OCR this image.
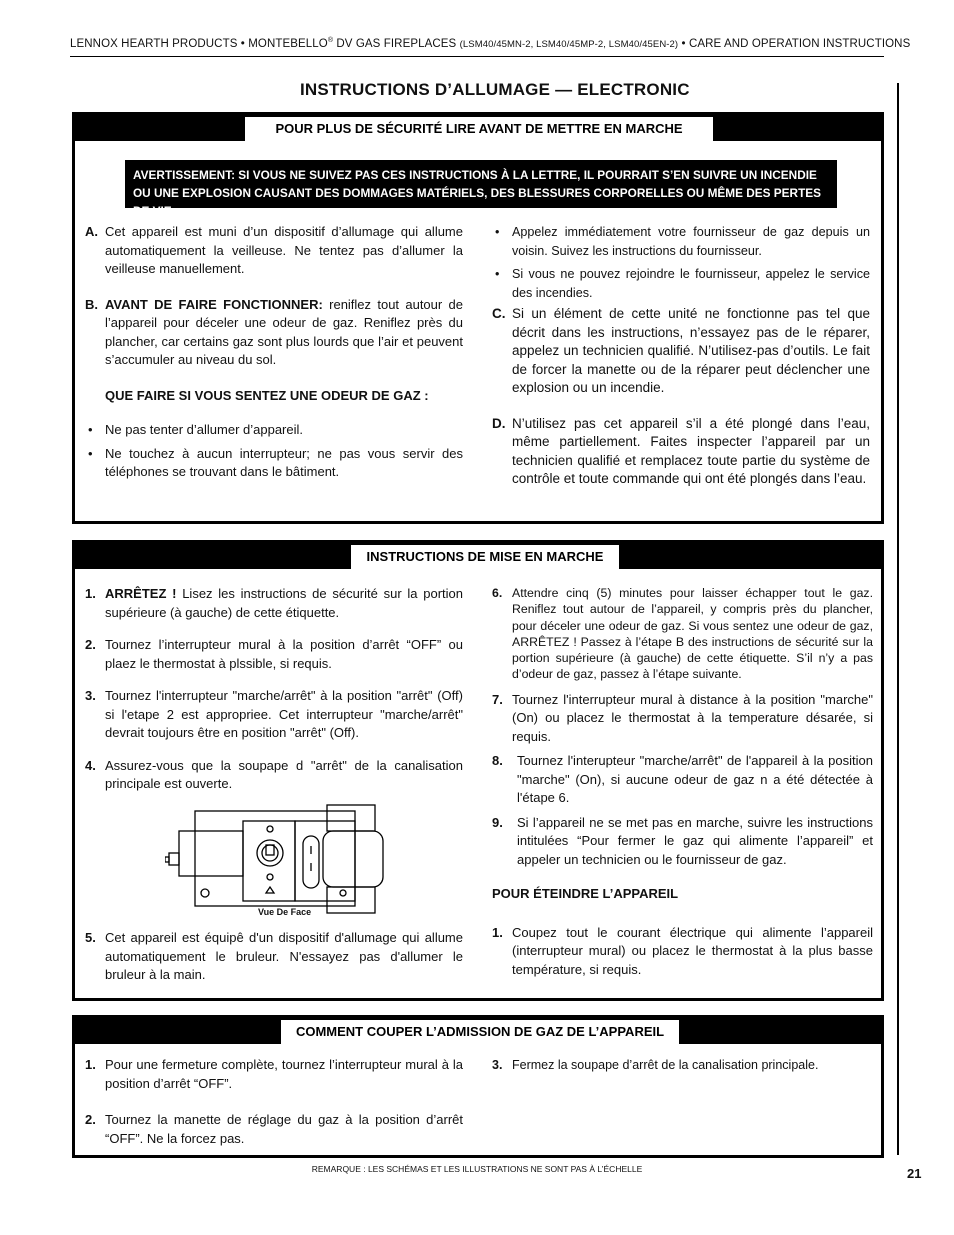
LENNOX HEARTH PRODUCTS • MONTEBELLO® DV GAS FIREPLACES (LSM40/45MN-2, LSM40/45MP-2, LSM40/45EN-2) • CARE AND OPERATION INSTRUCTIONS
INSTRUCTIONS D’ALLUMAGE — ELECTRONIC
POUR PLUS DE SÉCURITÉ LIRE AVANT DE METTRE EN MARCHE
AVERTISSEMENT: SI VOUS NE SUIVEZ PAS CES INSTRUCTIONS À LA LETTRE, IL POURRAIT S’EN SUIVRE UN INCENDIE OU UNE EXPLOSION CAUSANT DES DOMMAGES MATÉRIELS, DES BLESSURES CORPORELLES OU MÊME DES PERTES DE VIE.
A. Cet appareil est muni d’un dispositif d’allumage qui allume automatiquement la veilleuse. Ne tentez pas d’allumer la veilleuse manuellement.
B. AVANT DE FAIRE FONCTIONNER: reniflez tout autour de l’appareil pour déceler une odeur de gaz. Reniflez près du plancher, car certains gaz sont plus lourds que l’air et peuvent s’accumuler au niveau du sol.
QUE FAIRE SI VOUS SENTEZ UNE ODEUR DE GAZ :
• Ne pas tenter d’allumer d’appareil.
• Ne touchez à aucun interrupteur; ne pas vous servir des téléphones se trouvant dans le bâtiment.
• Appelez immédiatement votre fournisseur de gaz depuis un voisin. Suivez les instructions du fournisseur.
• Si vous ne pouvez rejoindre le fournisseur, appelez le service des incendies.
C. Si un élément de cette unité ne fonctionne pas tel que décrit dans les instructions, n’essayez pas de le réparer, appelez un technicien qualifié. N’utilisez-pas d’outils. Le fait de forcer la manette ou de la réparer peut déclencher une explosion ou un incendie.
D. N’utilisez pas cet appareil s’il a été plongé dans l’eau, même partiellement. Faites inspecter l’appareil par un technicien qualifié et remplacez toute partie du système de contrôle et toute commande qui ont été plongés dans l’eau.
INSTRUCTIONS DE MISE EN MARCHE
1. ARRÊTEZ ! Lisez les instructions de sécurité sur la portion supérieure (à gauche) de cette étiquette.
2. Tournez l’interrupteur mural à la position d’arrêt “OFF” ou plaez le thermostat à plssible, si requis.
3. Tournez l'interrupteur "marche/arrêt" à la position "arrêt" (Off) si l'etape 2 est appropriee. Cet interrupteur "marche/arrêt" devrait toujours être en position "arrêt" (Off).
4. Assurez-vous que la soupape d "arrêt" de la canalisation principale est ouverte.
Vue De Face
5. Cet appareil est équipê d'un dispositif d'allumage qui allume automatiquement le bruleur. N'essayez pas d'allumer le bruleur à la main.
6. Attendre cinq (5) minutes pour laisser échapper tout le gaz. Reniflez tout autour de l’appareil, y compris près du plancher, pour déceler une odeur de gaz. Si vous sentez une odeur de gaz, ARRÊTEZ ! Passez à l’étape B des instructions de sécurité sur la portion supérieure (à gauche) de cette étiquette. S’il n’y a pas d’odeur de gaz, passez à l’étape suivante.
7. Tournez l'interrupteur mural à distance à la position "marche" (On) ou placez le thermostat à la temperature désarée, si requis.
8. Tournez l'interupteur "marche/arrêt" de l'appareil à la position "marche" (On), si aucune odeur de gaz n a été détectée à l'étape 6.
9. Si l’appareil ne se met pas en marche, suivre les instructions intitulées “Pour fermer le gaz qui alimente l’appareil” et appeler un technicien ou le fournisseur de gaz.
POUR ÉTEINDRE L’APPAREIL
1. Coupez tout le courant électrique qui alimente l’appareil (interrupteur mural) ou placez le thermostat à la plus basse température, si requis.
COMMENT COUPER L’ADMISSION DE GAZ DE L’APPAREIL
1. Pour une fermeture complète, tournez l’interrupteur mural à la position d’arrêt “OFF”.
2. Tournez la manette de réglage du gaz à la position d’arrêt “OFF”. Ne la forcez pas.
3. Fermez la soupape d’arrêt de la canalisation principale.
REMARQUE : LES SCHÉMAS ET LES ILLUSTRATIONS NE SONT PAS À L’ÉCHELLE	21
